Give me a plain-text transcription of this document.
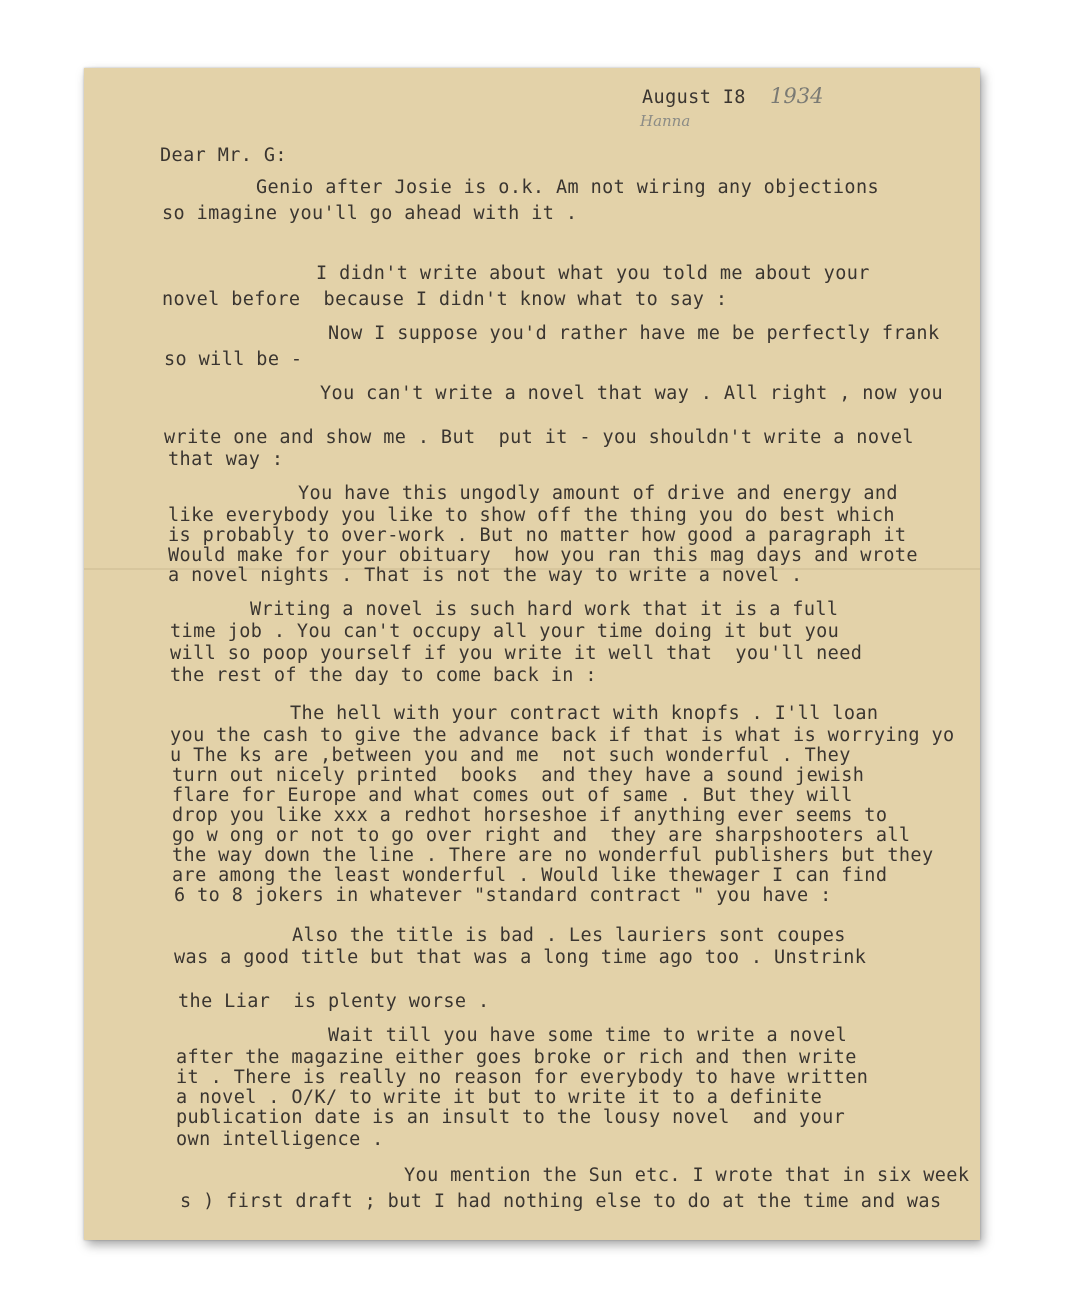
August I8 1934
Hanna
Dear Mr. G:
Genio after Josie is o.k. Am not wiring any objections
so imagine you'll go ahead with it .
I didn't write about what you told me about your
novel before  because I didn't know what to say :
Now I suppose you'd rather have me be perfectly frank
so will be -
You can't write a novel that way . All right , now you
write one and show me . But  put it - you shouldn't write a novel
that way :
You have this ungodly amount of drive and energy and
like everybody you like to show off the thing you do best which
is probably to over-work . But no matter how good a paragraph it
Would make for your obituary  how you ran this mag days and wrote
a novel nights . That is not the way to write a novel .
Writing a novel is such hard work that it is a full
time job . You can't occupy all your time doing it but you
will so poop yourself if you write it well that  you'll need
the rest of the day to come back in :
The hell with your contract with knopfs . I'll loan
you the cash to give the advance back if that is what is worrying yo
u The ks are ,between you and me  not such wonderful . They
turn out nicely printed  books  and they have a sound jewish
flare for Europe and what comes out of same . But they will
drop you like xxx a redhot horseshoe if anything ever seems to
go w ong or not to go over right and  they are sharpshooters all
the way down the line . There are no wonderful publishers but they
are among the least wonderful . Would like thewager I can find
6 to 8 jokers in whatever "standard contract " you have :
Also the title is bad . Les lauriers sont coupes
was a good title but that was a long time ago too . Unstrink
the Liar  is plenty worse .
Wait till you have some time to write a novel
after the magazine either goes broke or rich and then write
it . There is really no reason for everybody to have written
a novel . O/K/ to write it but to write it to a definite
publication date is an insult to the lousy novel  and your
own intelligence .
You mention the Sun etc. I wrote that in six week
s ) first draft ; but I had nothing else to do at the time and was
